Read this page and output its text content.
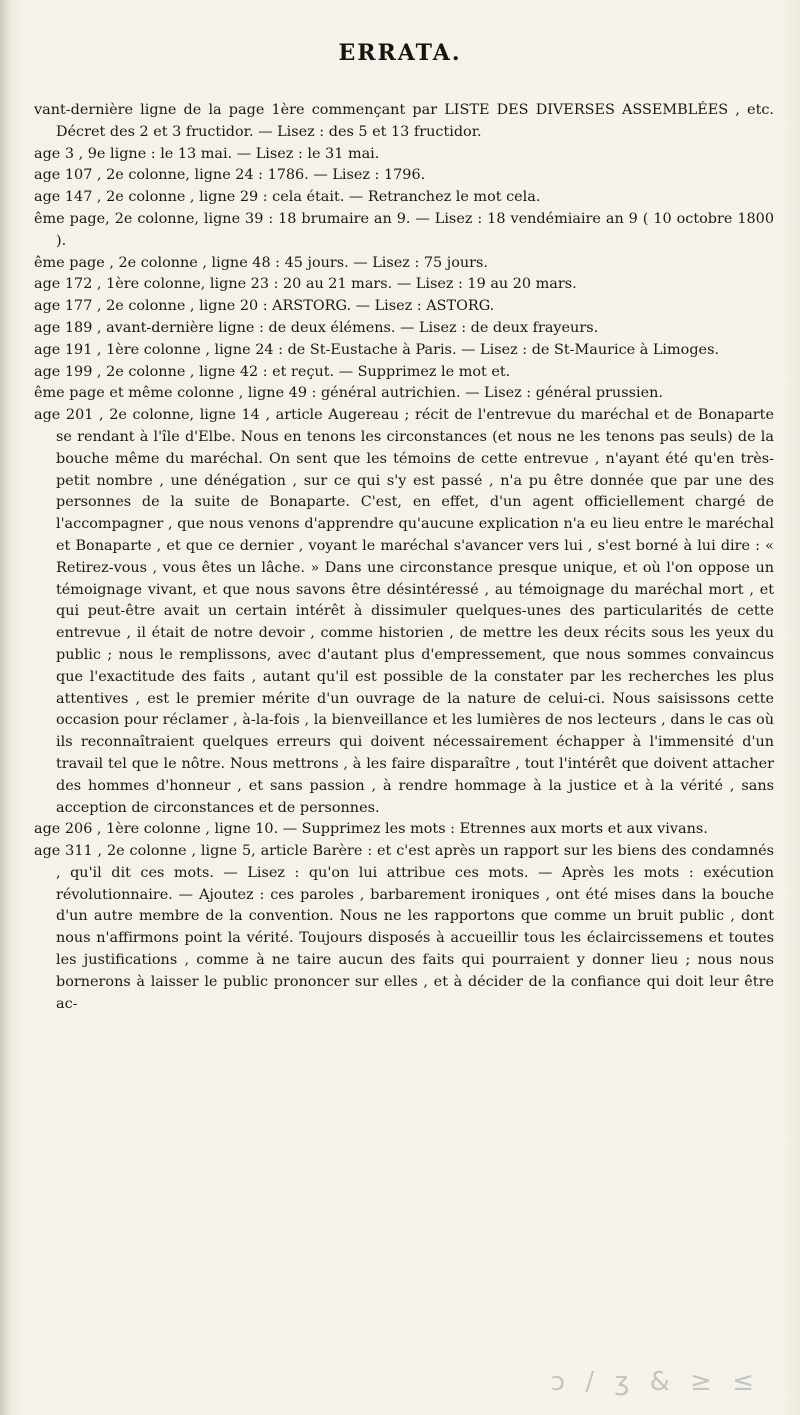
ERRATA.

vant-dernière ligne de la page 1ère commençant par LISTE DES DIVERSES ASSEMBLÉES , etc. Décret des 2 et 3 fructidor. — Lisez : des 5 et 13 fructidor.

age 3 , 9e ligne : le 13 mai. — Lisez : le 31 mai.

age 107 , 2e colonne, ligne 24 : 1786. — Lisez : 1796.

age 147 , 2e colonne , ligne 29 : cela était. — Retranchez le mot cela.

ême page, 2e colonne, ligne 39 : 18 brumaire an 9. — Lisez : 18 vendémiaire an 9 ( 10 octobre 1800 ).

ême page , 2e colonne , ligne 48 : 45 jours. — Lisez : 75 jours.

age 172 , 1ère colonne, ligne 23 : 20 au 21 mars. — Lisez : 19 au 20 mars.

age 177 , 2e colonne , ligne 20 : ARSTORG. — Lisez : ASTORG.

age 189 , avant-dernière ligne : de deux élémens. — Lisez : de deux frayeurs.

age 191 , 1ère colonne , ligne 24 : de St-Eustache à Paris. — Lisez : de St-Maurice à Limoges.

age 199 , 2e colonne , ligne 42 : et reçut. — Supprimez le mot et.

ême page et même colonne , ligne 49 : général autrichien. — Lisez : général prussien.

age 201 , 2e colonne, ligne 14 , article Augereau ; récit de l'entrevue du maréchal et de Bonaparte se rendant à l'île d'Elbe. Nous en tenons les circonstances (et nous ne les tenons pas seuls) de la bouche même du maréchal. On sent que les témoins de cette entrevue , n'ayant été qu'en très-petit nombre , une dénégation , sur ce qui s'y est passé , n'a pu être donnée que par une des personnes de la suite de Bonaparte. C'est, en effet, d'un agent officiellement chargé de l'accompagner , que nous venons d'apprendre qu'aucune explication n'a eu lieu entre le maréchal et Bonaparte , et que ce dernier , voyant le maréchal s'avancer vers lui , s'est borné à lui dire : « Retirez-vous , vous êtes un lâche. » Dans une circonstance presque unique, et où l'on oppose un témoignage vivant, et que nous savons être désintéressé , au témoignage du maréchal mort , et qui peut-être avait un certain intérêt à dissimuler quelques-unes des particularités de cette entrevue , il était de notre devoir , comme historien , de mettre les deux récits sous les yeux du public ; nous le remplissons, avec d'autant plus d'empressement, que nous sommes convaincus que l'exactitude des faits , autant qu'il est possible de la constater par les recherches les plus attentives , est le premier mérite d'un ouvrage de la nature de celui-ci. Nous saisissons cette occasion pour réclamer , à-la-fois , la bienveillance et les lumières de nos lecteurs , dans le cas où ils reconnaîtraient quelques erreurs qui doivent nécessairement échapper à l'immensité d'un travail tel que le nôtre. Nous mettrons , à les faire disparaître , tout l'intérêt que doivent attacher des hommes d'honneur , et sans passion , à rendre hommage à la justice et à la vérité , sans acception de circonstances et de personnes.

age 206 , 1ère colonne , ligne 10. — Supprimez les mots : Etrennes aux morts et aux vivans.

age 311 , 2e colonne , ligne 5, article Barère : et c'est après un rapport sur les biens des condamnés , qu'il dit ces mots. — Lisez : qu'on lui attribue ces mots. — Après les mots : exécution révolutionnaire. — Ajoutez : ces paroles , barbarement ironiques , ont été mises dans la bouche d'un autre membre de la convention. Nous ne les rapportons que comme un bruit public , dont nous n'affirmons point la vérité. Toujours disposés à accueillir tous les éclaircissemens et toutes les justifications , comme à ne taire aucun des faits qui pourraient y donner lieu ; nous nous bornerons à laisser le public prononcer sur elles , et à décider de la confiance qui doit leur être ac-

ɔ / ʒ & ≥ ≤
